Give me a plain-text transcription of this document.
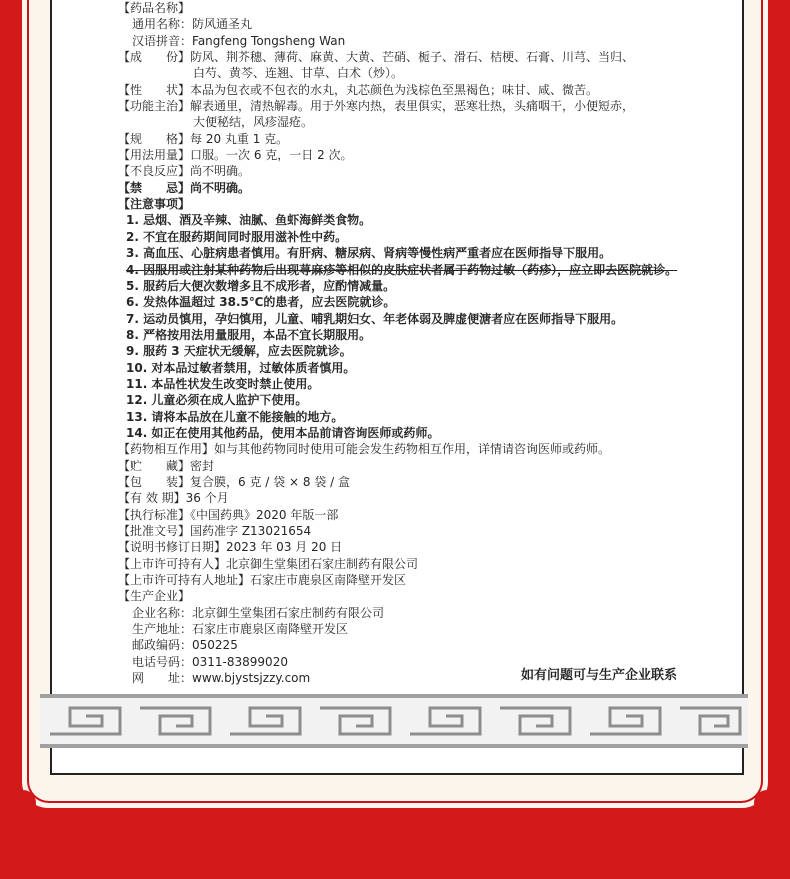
【药品名称】
通用名称：防风通圣丸
汉语拼音：Fangfeng Tongsheng Wan
【成　　份】防风、荆芥穗、薄荷、麻黄、大黄、芒硝、栀子、滑石、桔梗、石膏、川芎、当归、
白芍、黄芩、连翘、甘草、白术（炒）。
【性　　状】本品为包衣或不包衣的水丸，丸芯颜色为浅棕色至黑褐色；味甘、咸、微苦。
【功能主治】解表通里，清热解毒。用于外寒内热，表里俱实，恶寒壮热，头痛咽干，小便短赤，
大便秘结，风疹湿疮。
【规　　格】每 20 丸重 1 克。
【用法用量】口服。一次 6 克，一日 2 次。
【不良反应】尚不明确。
【禁　　忌】尚不明确。
【注意事项】
1. 忌烟、酒及辛辣、油腻、鱼虾海鲜类食物。
2. 不宜在服药期间同时服用滋补性中药。
3. 高血压、心脏病患者慎用。有肝病、糖尿病、肾病等慢性病严重者应在医师指导下服用。
4. 因服用或注射某种药物后出现荨麻疹等相似的皮肤症状者属于药物过敏（药疹），应立即去医院就诊。
5. 服药后大便次数增多且不成形者，应酌情减量。
6. 发热体温超过 38.5℃的患者，应去医院就诊。
7. 运动员慎用，孕妇慎用，儿童、哺乳期妇女、年老体弱及脾虚便溏者应在医师指导下服用。
8. 严格按用法用量服用，本品不宜长期服用。
9. 服药 3 天症状无缓解，应去医院就诊。
10. 对本品过敏者禁用，过敏体质者慎用。
11. 本品性状发生改变时禁止使用。
12. 儿童必须在成人监护下使用。
13. 请将本品放在儿童不能接触的地方。
14. 如正在使用其他药品，使用本品前请咨询医师或药师。
【药物相互作用】如与其他药物同时使用可能会发生药物相互作用，详情请咨询医师或药师。
【贮　　藏】密封
【包　　装】复合膜，6 克 / 袋 × 8 袋 / 盒
【有 效 期】36 个月
【执行标准】《中国药典》2020 年版一部
【批准文号】国药准字 Z13021654
【说明书修订日期】2023 年 03 月 20 日
【上市许可持有人】北京御生堂集团石家庄制药有限公司
【上市许可持有人地址】石家庄市鹿泉区南降壁开发区
【生产企业】
企业名称：北京御生堂集团石家庄制药有限公司
生产地址：石家庄市鹿泉区南降壁开发区
邮政编码：050225
电话号码：0311-83899020
网　　址：www.bjystsjzzy.com	如有问题可与生产企业联系
